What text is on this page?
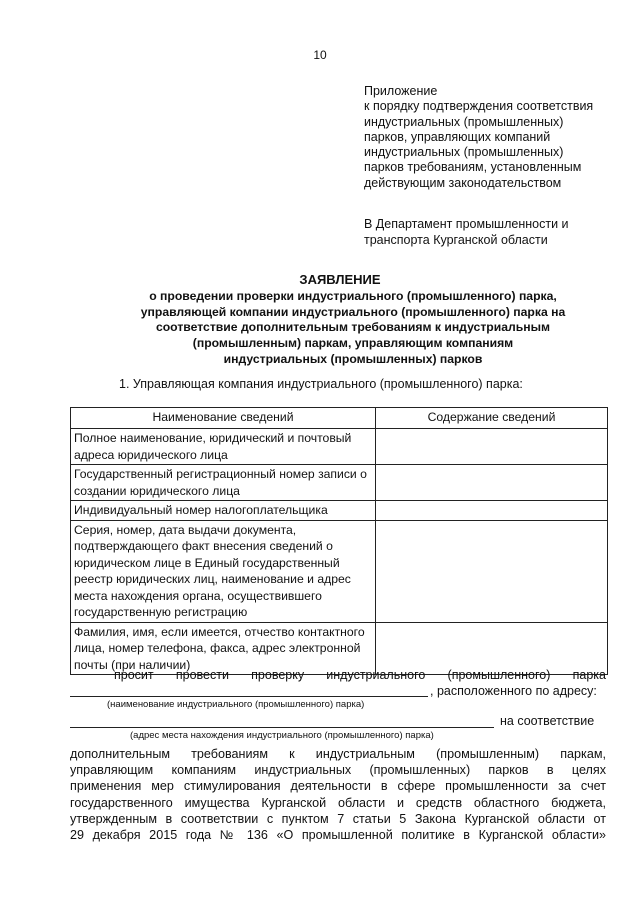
10
Приложение
к порядку подтверждения соответствия
индустриальных (промышленных)
парков, управляющих компаний
индустриальных (промышленных)
парков требованиям, установленным
действующим законодательством
В Департамент промышленности и
транспорта Курганской области
ЗАЯВЛЕНИЕ
о проведении проверки индустриального (промышленного) парка,
управляющей компании индустриального (промышленного) парка на
соответствие дополнительным требованиям к индустриальным
(промышленным) паркам, управляющим компаниям
индустриальных (промышленных) парков
1. Управляющая компания индустриального (промышленного) парка:
Наименование сведений	Содержание сведений
Полное наименование, юридический и почтовый адреса юридического лица	
Государственный регистрационный номер записи о создании юридического лица	
Индивидуальный номер налогоплательщика	
Серия, номер, дата выдачи документа, подтверждающего факт внесения сведений о юридическом лице в Единый государственный реестр юридических лиц, наименование и адрес места нахождения органа, осуществившего государственную регистрацию	
Фамилия, имя, если имеется, отчество контактного лица, номер телефона, факса, адрес электронной почты (при наличии)	
просит провести проверку индустриального (промышленного) парка
, расположенного по адресу:
(наименование индустриального (промышленного) парка)
на соответствие
(адрес места нахождения индустриального (промышленного) парка)
дополнительным требованиям к индустриальным (промышленным) паркам,
управляющим компаниям индустриальных (промышленных) парков в целях
применения мер стимулирования деятельности в сфере промышленности за счет
государственного имущества Курганской области и средств областного бюджета,
утвержденным в соответствии с пунктом 7 статьи 5 Закона Курганской области от
29 декабря 2015 года № 136 «О промышленной политике в Курганской области»
